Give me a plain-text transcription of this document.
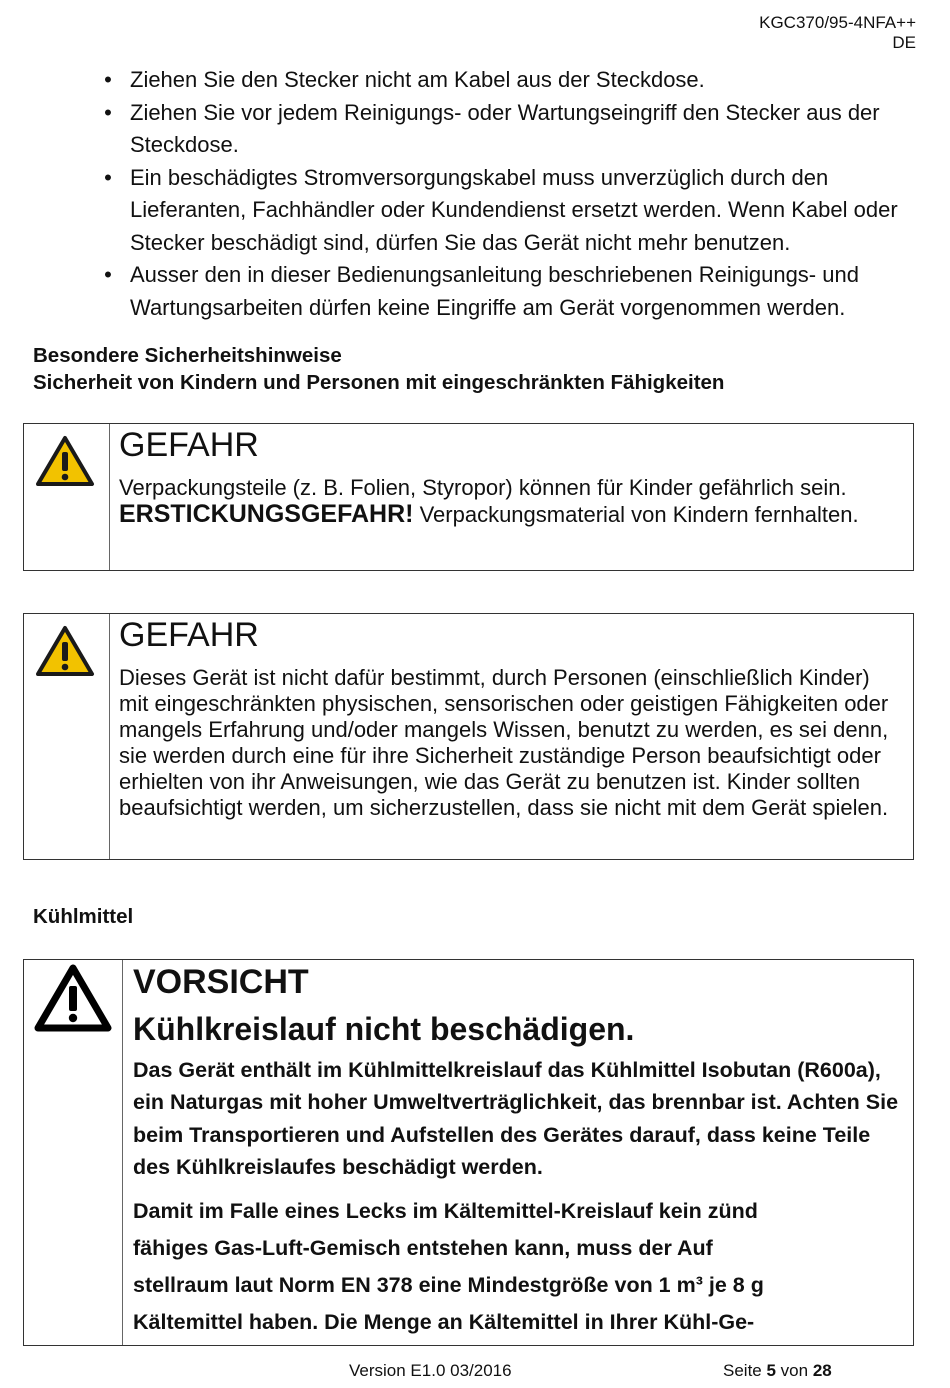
KGC370/95-4NFA++
DE
• Ziehen Sie den Stecker nicht am Kabel aus der Steckdose.
• Ziehen Sie vor jedem Reinigungs- oder Wartungseingriff den Stecker aus der Steckdose.
• Ein beschädigtes Stromversorgungskabel muss unverzüglich durch den Lieferanten, Fachhändler oder Kundendienst ersetzt werden. Wenn Kabel oder Stecker beschädigt sind, dürfen Sie das Gerät nicht mehr benutzen.
• Ausser den in dieser Bedienungsanleitung beschriebenen Reinigungs- und Wartungsarbeiten dürfen keine Eingriffe am Gerät vorgenommen werden.
Besondere Sicherheitshinweise
Sicherheit von Kindern und Personen mit eingeschränkten Fähigkeiten
GEFAHR
Verpackungsteile (z. B. Folien, Styropor) können für Kinder gefährlich sein.
ERSTICKUNGSGEFAHR! Verpackungsmaterial von Kindern fernhalten.
GEFAHR
Dieses Gerät ist nicht dafür bestimmt, durch Personen (einschließlich Kinder) mit eingeschränkten physischen, sensorischen oder geistigen Fähigkeiten oder mangels Erfahrung und/oder mangels Wissen, benutzt zu werden, es sei denn, sie werden durch eine für ihre Sicherheit zuständige Person beaufsichtigt oder erhielten von ihr Anweisungen, wie das Gerät zu benutzen ist. Kinder sollten beaufsichtigt werden, um sicherzustellen, dass sie nicht mit dem Gerät spielen.
Kühlmittel
VORSICHT
Kühlkreislauf nicht beschädigen.
Das Gerät enthält im Kühlmittelkreislauf das Kühlmittel Isobutan (R600a), ein Naturgas mit hoher Umweltverträglichkeit, das brennbar ist. Achten Sie beim Transportieren und Aufstellen des Gerätes darauf, dass keine Teile des Kühlkreislaufes beschädigt werden.
Damit im Falle eines Lecks im Kältemittel-Kreislauf kein zünd
fähiges Gas-Luft-Gemisch entstehen kann, muss der Auf
stellraum laut Norm EN 378 eine Mindestgröße von 1 m³ je 8 g
Kältemittel haben. Die Menge an Kältemittel in Ihrer Kühl-Ge-
Version E1.0 03/2016	Seite 5 von 28
